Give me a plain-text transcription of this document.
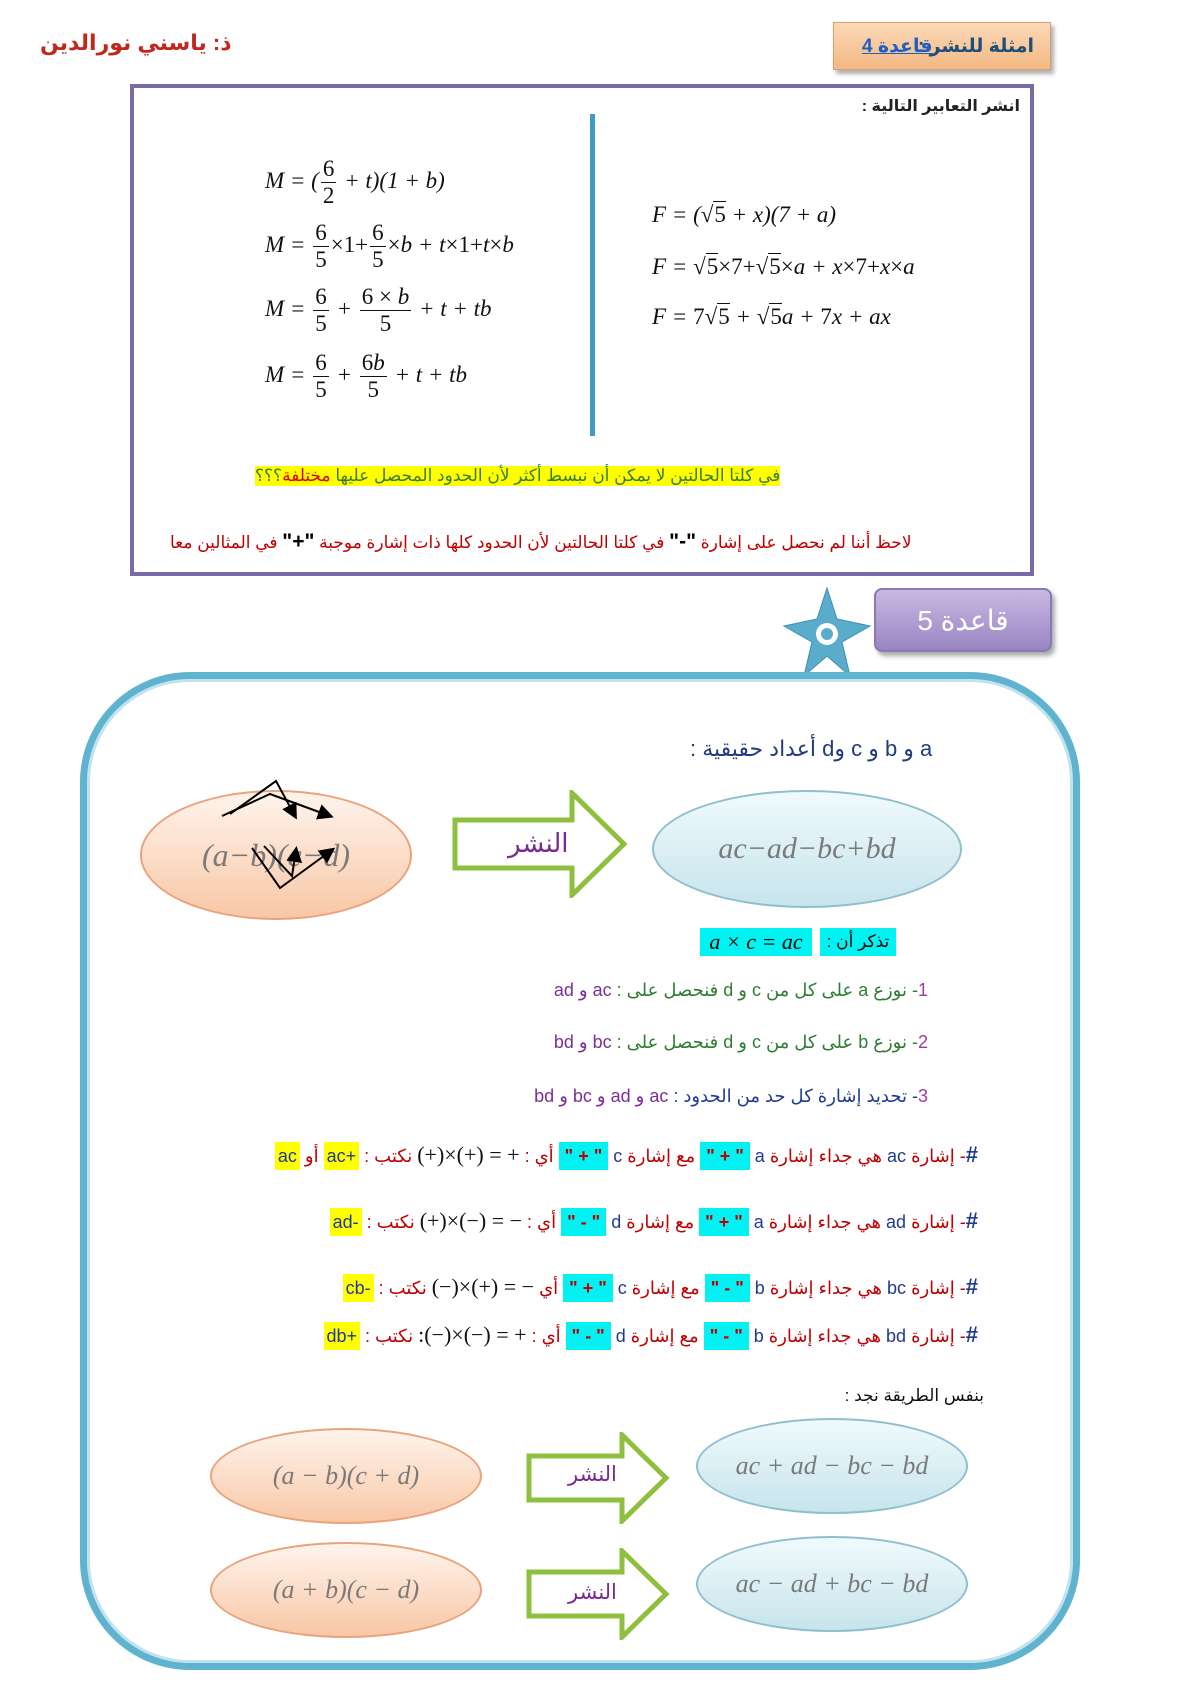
ذ: ياسني نورالدين	امثلة للنشر :
قاعدة 4
انشر التعابير التالية :
M = ( $\frac{6}{2} + t)(1 + b)$
$M = \frac{6}{5} \times 1+ \frac{6}{5} \times b + t\times 1+t\times b$
$M = \frac{6}{5} + \frac{6 \times b}{5} + t$ + tb
$M = \frac{6}{5} + \frac{6b}{5} + t$ + tb
F = (√5 + x)(7 + a)
F = √5×7+√5×a + x×7+x×a
F = 7√5 + √5a + 7x + ax
في كلتا الحالتين لا يمكن أن نبسط أكثر لأن الحدود المحصل عليها مختلفة؟؟؟
لاحظ أننا لم نحصل على إشارة "-" في كلتا الحالتين لأن الحدود كلها ذات إشارة موجبة "+" في المثالين معا
قاعدة 5
a و b و c وd أعداد حقيقية :
(a−b)(c−d)	النشر	ac−ad−bc+bd
تذكر أن :
a × c = ac
1- نوزع a على كل من c و d فنحصل على : ac و ad
2- نوزع b على كل من c و d فنحصل على : bc و bd
3- تحديد إشارة كل حد من الحدود : ac و ad و bc و bd
#- إشارة ac هي جداء إشارة a " + " مع إشارة c " + " أي : (+)×(+) = + نكتب : +ac أو ac
#- إشارة ad هي جداء إشارة a " + " مع إشارة d " - " أي : (+)×(−) = − نكتب : -ad
#- إشارة bc هي جداء إشارة b " - " مع إشارة c " + " أي (−)×(+) = − نكتب : -cb
#- إشارة bd هي جداء إشارة b " - " مع إشارة d " - " أي : :(−)×(−) = + نكتب : +db
بنفس الطريقة نجد :
(a − b)(c + d)	النشر	ac + ad − bc − bd
(a + b)(c − d)	النشر	ac − ad + bc − bd
